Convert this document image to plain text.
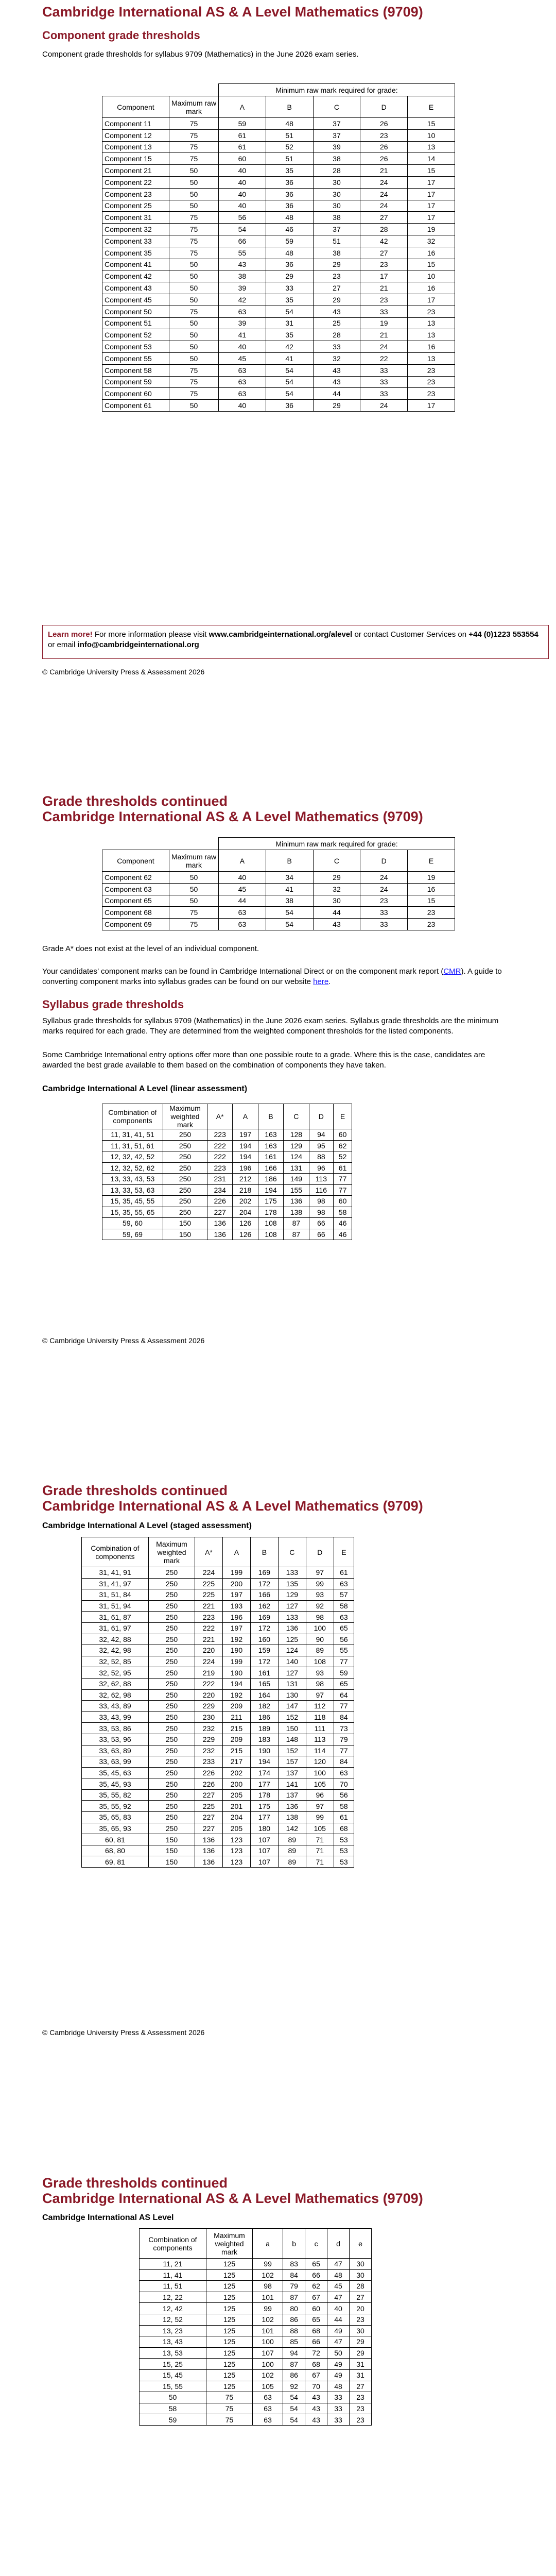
Cambridge International AS & A Level Mathematics (9709)
Component grade thresholds

Component grade thresholds for syllabus 9709 (Mathematics) in the June 2026 exam series.

		Minimum raw mark required for grade:				
Component	Maximum raw mark	A	B	C	D	E
Component 11	75	59	48	37	26	15
Component 12	75	61	51	37	23	10
Component 13	75	61	52	39	26	13
Component 15	75	60	51	38	26	14
Component 21	50	40	35	28	21	15
Component 22	50	40	36	30	24	17
Component 23	50	40	36	30	24	17
Component 25	50	40	36	30	24	17
Component 31	75	56	48	38	27	17
Component 32	75	54	46	37	28	19
Component 33	75	66	59	51	42	32
Component 35	75	55	48	38	27	16
Component 41	50	43	36	29	23	15
Component 42	50	38	29	23	17	10
Component 43	50	39	33	27	21	16
Component 45	50	42	35	29	23	17
Component 50	75	63	54	43	33	23
Component 51	50	39	31	25	19	13
Component 52	50	41	35	28	21	13
Component 53	50	40	42	33	24	16
Component 55	50	45	41	32	22	13
Component 58	75	63	54	43	33	23
Component 59	75	63	54	43	33	23
Component 60	75	63	54	44	33	23
Component 61	50	40	36	29	24	17
Learn more! For more information please visit www.cambridgeinternational.org/alevel or contact Customer Services on +44 (0)1223 553554 or email info@cambridgeinternational.org
© Cambridge University Press & Assessment 2026
Grade thresholds continued
Cambridge International AS & A Level Mathematics (9709)
		Minimum raw mark required for grade:				
Component	Maximum raw mark	A	B	C	D	E
Component 62	50	40	34	29	24	19
Component 63	50	45	41	32	24	16
Component 65	50	44	38	30	23	15
Component 68	75	63	54	44	33	23
Component 69	75	63	54	43	33	23

Grade A* does not exist at the level of an individual component.

Your candidates’ component marks can be found in Cambridge International Direct or on the component mark report (CMR). A guide to converting component marks into syllabus grades can be found on our website here.

Syllabus grade thresholds

Syllabus grade thresholds for syllabus 9709 (Mathematics) in the June 2026 exam series. Syllabus grade thresholds are the minimum marks required for each grade. They are determined from the weighted component thresholds for the listed components.

Some Cambridge International entry options offer more than one possible route to a grade. Where this is the case, candidates are awarded the best grade available to them based on the combination of components they have taken.

Cambridge International A Level (linear assessment)
Combination of components	Maximum weighted mark	A*	A	B	C	D	E
11, 31, 41, 51	250	223	197	163	128	94	60
11, 31, 51, 61	250	222	194	163	129	95	62
12, 32, 42, 52	250	222	194	161	124	88	52
12, 32, 52, 62	250	223	196	166	131	96	61
13, 33, 43, 53	250	231	212	186	149	113	77
13, 33, 53, 63	250	234	218	194	155	116	77
15, 35, 45, 55	250	226	202	175	136	98	60
15, 35, 55, 65	250	227	204	178	138	98	58
59, 60	150	136	126	108	87	66	46
59, 69	150	136	126	108	87	66	46
© Cambridge University Press & Assessment 2026
Grade thresholds continued
Cambridge International AS & A Level Mathematics (9709)
Cambridge International A Level (staged assessment)
Combination of components	Maximum weighted mark	A*	A	B	C	D	E
31, 41, 91	250	224	199	169	133	97	61
31, 41, 97	250	225	200	172	135	99	63
31, 51, 84	250	225	197	166	129	93	57
31, 51, 94	250	221	193	162	127	92	58
31, 61, 87	250	223	196	169	133	98	63
31, 61, 97	250	222	197	172	136	100	65
32, 42, 88	250	221	192	160	125	90	56
32, 42, 98	250	220	190	159	124	89	55
32, 52, 85	250	224	199	172	140	108	77
32, 52, 95	250	219	190	161	127	93	59
32, 62, 88	250	222	194	165	131	98	65
32, 62, 98	250	220	192	164	130	97	64
33, 43, 89	250	229	209	182	147	112	77
33, 43, 99	250	230	211	186	152	118	84
33, 53, 86	250	232	215	189	150	111	73
33, 53, 96	250	229	209	183	148	113	79
33, 63, 89	250	232	215	190	152	114	77
33, 63, 99	250	233	217	194	157	120	84
35, 45, 63	250	226	202	174	137	100	63
35, 45, 93	250	226	200	177	141	105	70
35, 55, 82	250	227	205	178	137	96	56
35, 55, 92	250	225	201	175	136	97	58
35, 65, 83	250	227	204	177	138	99	61
35, 65, 93	250	227	205	180	142	105	68
60, 81	150	136	123	107	89	71	53
68, 80	150	136	123	107	89	71	53
69, 81	150	136	123	107	89	71	53
© Cambridge University Press & Assessment 2026
Grade thresholds continued
Cambridge International AS & A Level Mathematics (9709)
Cambridge International AS Level
Combination of components	Maximum weighted mark	a	b	c	d	e
11, 21	125	99	83	65	47	30
11, 41	125	102	84	66	48	30
11, 51	125	98	79	62	45	28
12, 22	125	101	87	67	47	27
12, 42	125	99	80	60	40	20
12, 52	125	102	86	65	44	23
13, 23	125	101	88	68	49	30
13, 43	125	100	85	66	47	29
13, 53	125	107	94	72	50	29
15, 25	125	100	87	68	49	31
15, 45	125	102	86	67	49	31
15, 55	125	105	92	70	48	27
50	75	63	54	43	33	23
58	75	63	54	43	33	23
59	75	63	54	43	33	23
